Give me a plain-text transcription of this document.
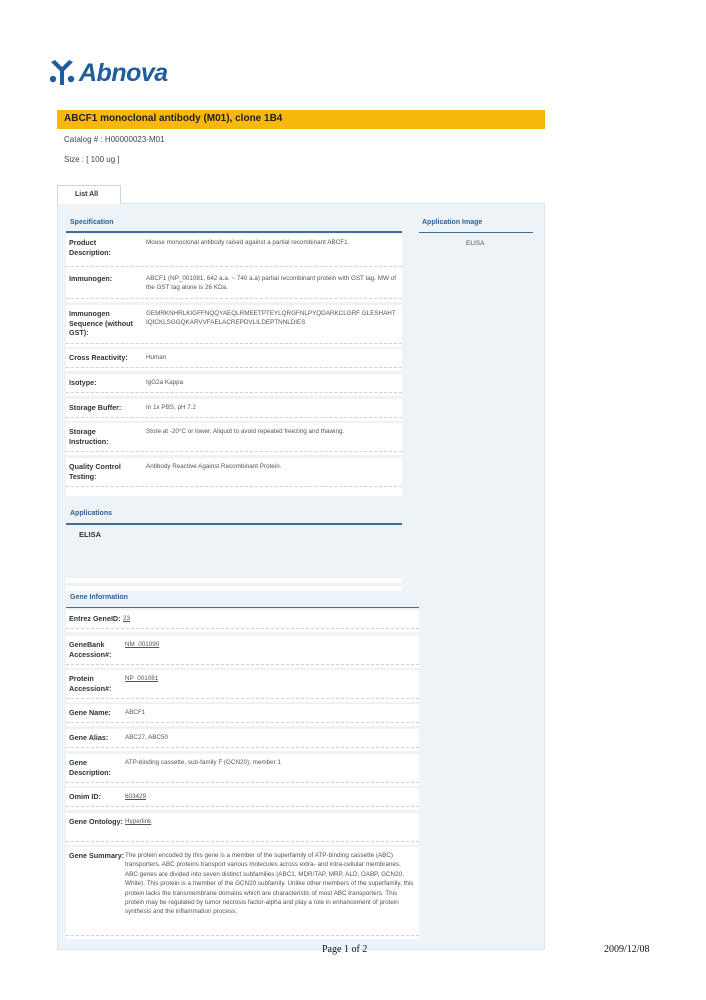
Abnova
ABCF1 monoclonal antibody (M01), clone 1B4
Catalog # : H00000023-M01
Size : [ 100 ug ]
List All
Specification	Application Image
ELISA
Product Description:
Mouse monoclonal antibody raised against a partial recombinant ABCF1.
Immunogen:	ABCF1 (NP_001081, 642 a.a. ~ 740 a.a) partial recombinant protein with GST tag. MW of the GST tag alone is 26 KDa.
Immunogen Sequence (without GST):
GEMRKNHRLKIGFFNQQYAEQLRMEETPTEYLQRGFNLPYQDARKCLGRF GLESHAHTIQICKLSGGQKARVVFAELACREPDVLILDEPTNNLDIES
Cross Reactivity:	Human
Isotype:	IgG2a Kappa
Storage Buffer:	In 1x PBS, pH 7.2
Storage Instruction:
Store at -20°C or lower. Aliquot to avoid repeated freezing and thawing.
Quality Control Testing:
Antibody Reactive Against Recombinant Protein.
Applications
ELISA
Gene Information
Entrez GeneID: 23
GeneBank Accession#:
NM_001090
Protein Accession#:
NP_001081
Gene Name:	ABCF1
Gene Alias:	ABC27, ABC50
Gene Description:
ATP-binding cassette, sub-family F (GCN20), member 1
Omim ID:	603429
Gene Ontology: Hyperlink
Gene Summary: The protein encoded by this gene is a member of the superfamily of ATP-binding cassette (ABC) transporters. ABC proteins transport various molecules across extra- and intra-cellular membranes. ABC genes are divided into seven distinct subfamilies (ABC1, MDR/TAP, MRP, ALD, OABP, GCN20, White). This protein is a member of the GCN20 subfamily. Unlike other members of the superfamily, this protein lacks the transmembrane domains which are characteristic of most ABC transporters. This protein may be regulated by tumor necrosis factor-alpha and play a role in enhancement of protein synthesis and the inflammation process.
Page 1 of 2	2009/12/08
